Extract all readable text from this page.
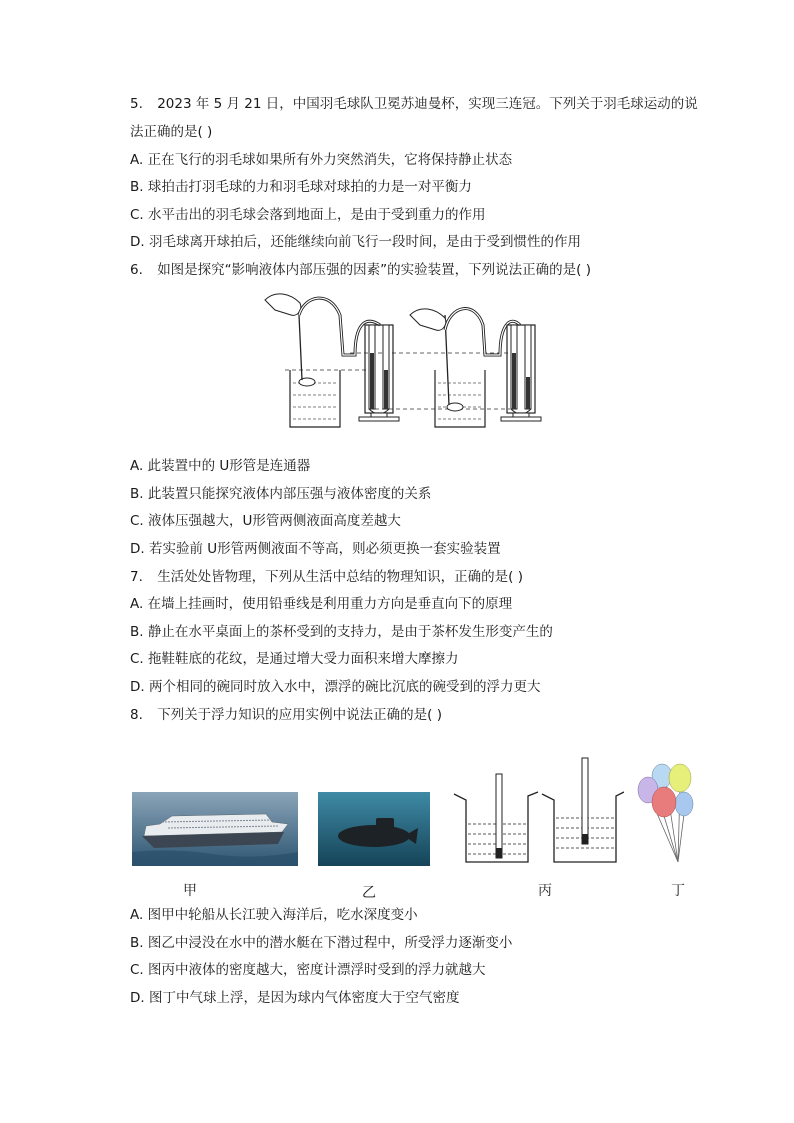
5. 2023 年 5 月 21 日，中国羽毛球队卫冕苏迪曼杯，实现三连冠。下列关于羽毛球运动的说
法正确的是( )
A. 正在飞行的羽毛球如果所有外力突然消失，它将保持静止状态
B. 球拍击打羽毛球的力和羽毛球对球拍的力是一对平衡力
C. 水平击出的羽毛球会落到地面上，是由于受到重力的作用
D. 羽毛球离开球拍后，还能继续向前飞行一段时间，是由于受到惯性的作用
6. 如图是探究“影响液体内部压强的因素”的实验装置，下列说法正确的是( )
A. 此装置中的 U形管是连通器
B. 此装置只能探究液体内部压强与液体密度的关系
C. 液体压强越大，U形管两侧液面高度差越大
D. 若实验前 U形管两侧液面不等高，则必须更换一套实验装置
7. 生活处处皆物理，下列从生活中总结的物理知识，正确的是( )
A. 在墙上挂画时，使用铅垂线是利用重力方向是垂直向下的原理
B. 静止在水平桌面上的茶杯受到的支持力，是由于茶杯发生形变产生的
C. 拖鞋鞋底的花纹，是通过增大受力面积来增大摩擦力
D. 两个相同的碗同时放入水中，漂浮的碗比沉底的碗受到的浮力更大
8. 下列关于浮力知识的应用实例中说法正确的是( )
甲	乙	丙	丁
A. 图甲中轮船从长江驶入海洋后，吃水深度变小
B. 图乙中浸没在水中的潜水艇在下潜过程中，所受浮力逐渐变小
C. 图丙中液体的密度越大，密度计漂浮时受到的浮力就越大
D. 图丁中气球上浮，是因为球内气体密度大于空气密度
